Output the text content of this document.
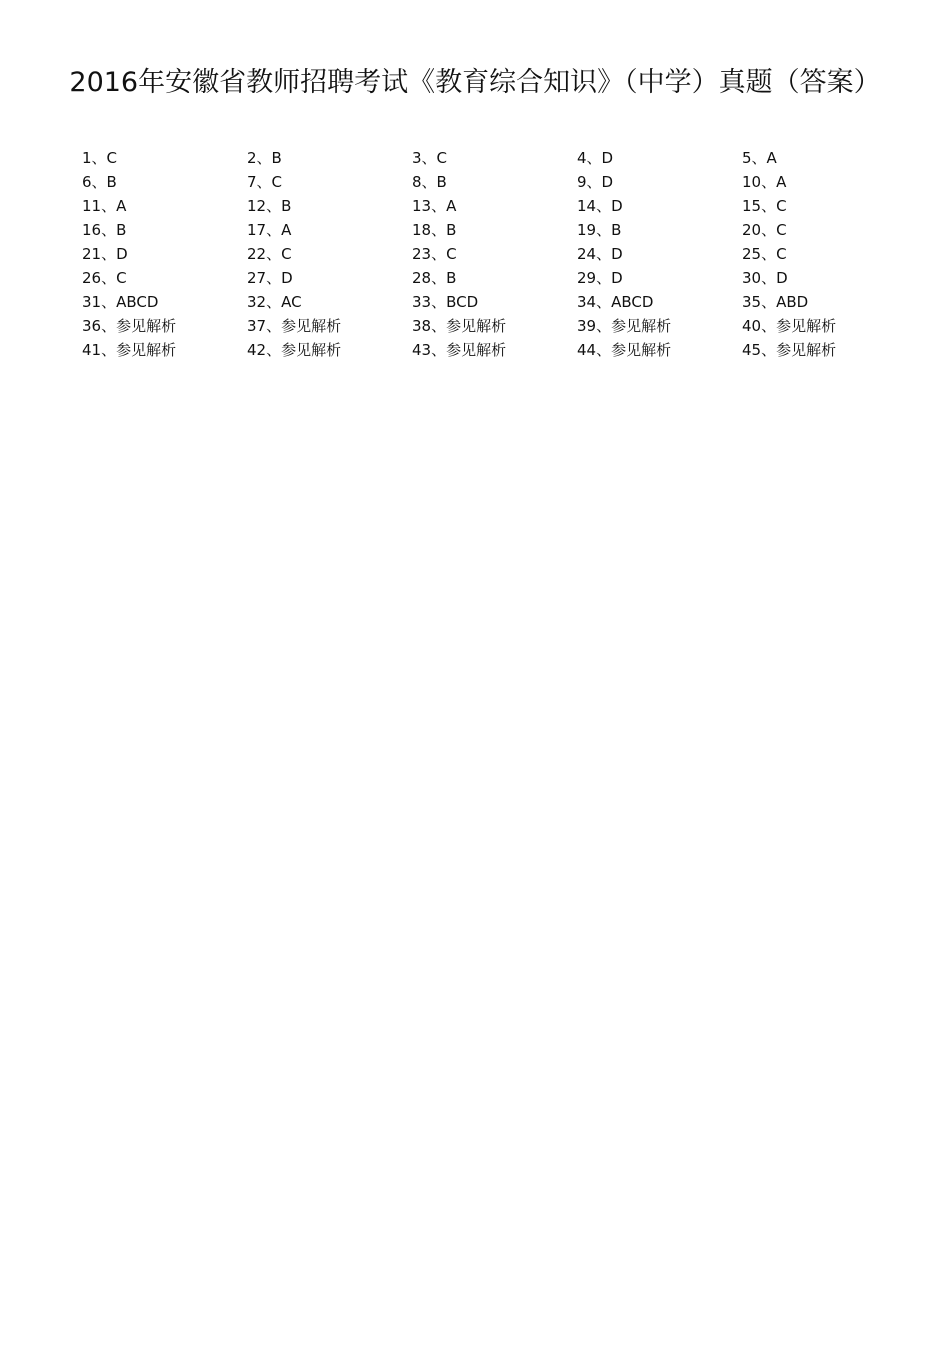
2016年安徽省教师招聘考试《教育综合知识》（中学）真题（答案）
1、C	2、B	3、C	4、D	5、A
6、B	7、C	8、B	9、D	10、A
11、A	12、B	13、A	14、D	15、C
16、B	17、A	18、B	19、B	20、C
21、D	22、C	23、C	24、D	25、C
26、C	27、D	28、B	29、D	30、D
31、ABCD	32、AC	33、BCD	34、ABCD	35、ABD
36、参见解析	37、参见解析	38、参见解析	39、参见解析	40、参见解析
41、参见解析	42、参见解析	43、参见解析	44、参见解析	45、参见解析
